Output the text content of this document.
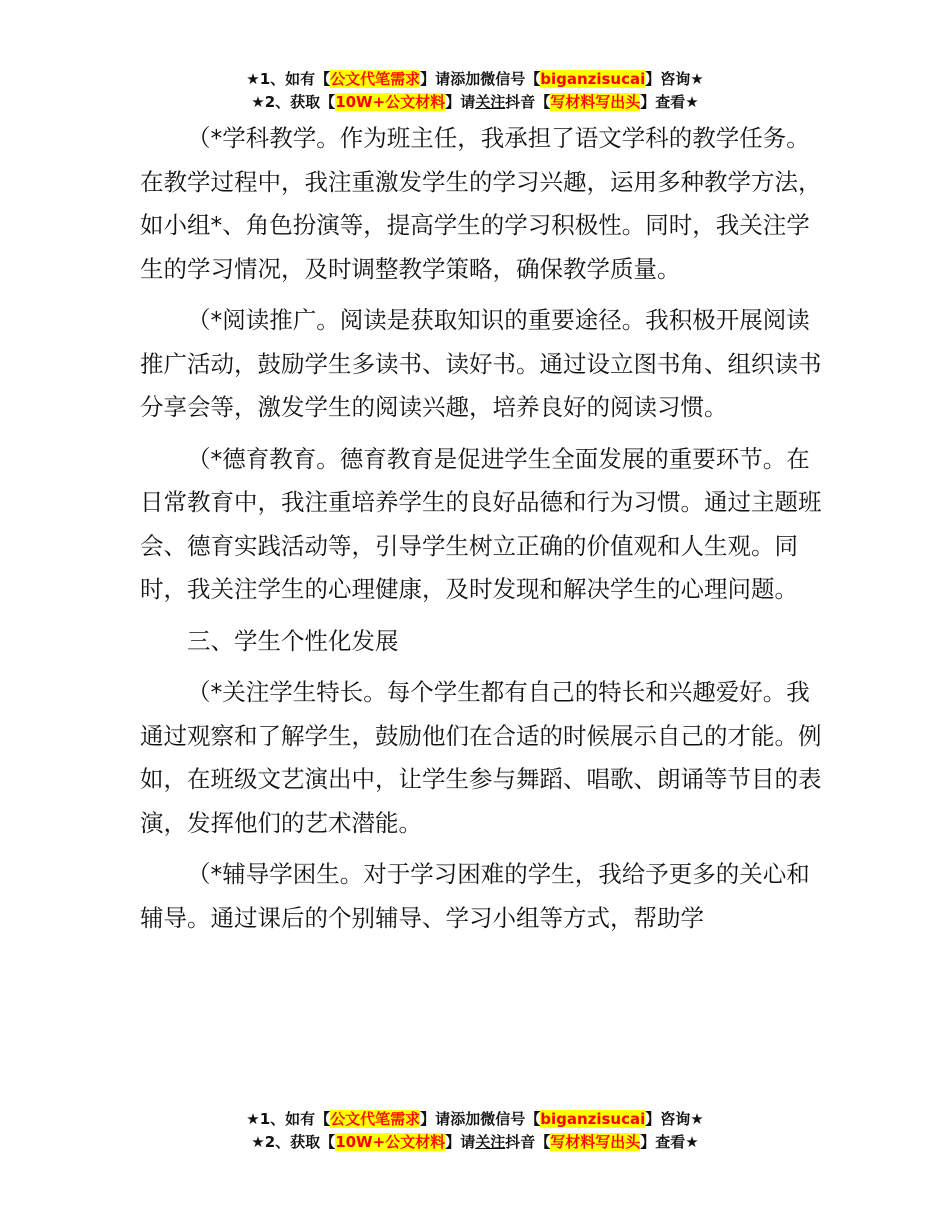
★1、如有【公文代笔需求】请添加微信号【biganzisucai】咨询★
★2、获取【10W+公文材料】请关注抖音【写材料写出头】查看★

（*学科教学。作为班主任，我承担了语文学科的教学任务。在教学过程中，我注重激发学生的学习兴趣，运用多种教学方法，如小组*、角色扮演等，提高学生的学习积极性。同时，我关注学生的学习情况，及时调整教学策略，确保教学质量。

（*阅读推广。阅读是获取知识的重要途径。我积极开展阅读推广活动，鼓励学生多读书、读好书。通过设立图书角、组织读书分享会等，激发学生的阅读兴趣，培养良好的阅读习惯。

（*德育教育。德育教育是促进学生全面发展的重要环节。在日常教育中，我注重培养学生的良好品德和行为习惯。通过主题班会、德育实践活动等，引导学生树立正确的价值观和人生观。同时，我关注学生的心理健康，及时发现和解决学生的心理问题。

三、学生个性化发展

（*关注学生特长。每个学生都有自己的特长和兴趣爱好。我通过观察和了解学生，鼓励他们在合适的时候展示自己的才能。例如，在班级文艺演出中，让学生参与舞蹈、唱歌、朗诵等节目的表演，发挥他们的艺术潜能。

（*辅导学困生。对于学习困难的学生，我给予更多的关心和辅导。通过课后的个别辅导、学习小组等方式，帮助学

★1、如有【公文代笔需求】请添加微信号【biganzisucai】咨询★
★2、获取【10W+公文材料】请关注抖音【写材料写出头】查看★
